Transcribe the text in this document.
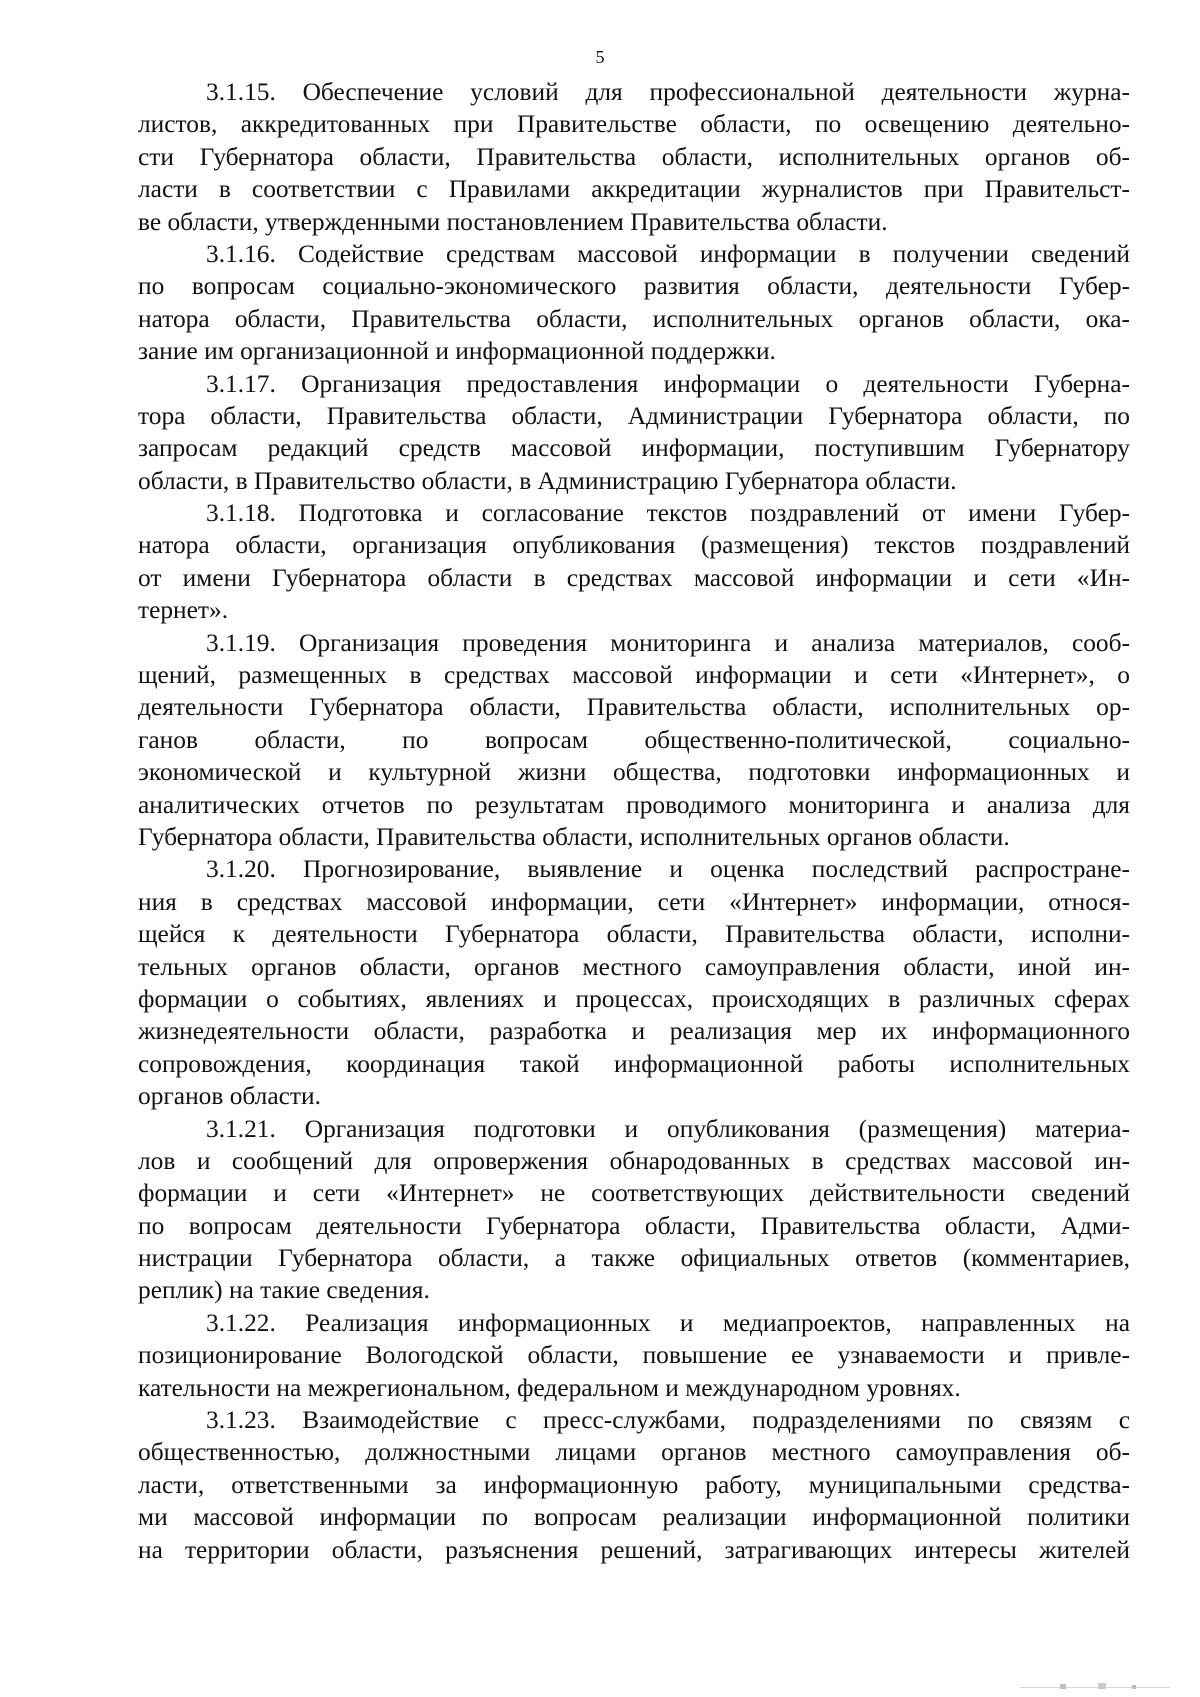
5
3.1.15. Обеспечение условий для профессиональной деятельности журна-
листов, аккредитованных при Правительстве области, по освещению деятельно-
сти Губернатора области, Правительства области, исполнительных органов об-
ласти в соответствии с Правилами аккредитации журналистов при Правительст-
ве области, утвержденными постановлением Правительства области.
3.1.16. Содействие средствам массовой информации в получении сведений
по вопросам социально-экономического развития области, деятельности Губер-
натора области, Правительства области, исполнительных органов области, ока-
зание им организационной и информационной поддержки.
3.1.17. Организация предоставления информации о деятельности Губерна-
тора области, Правительства области, Администрации Губернатора области, по
запросам редакций средств массовой информации, поступившим Губернатору
области, в Правительство области, в Администрацию Губернатора области.
3.1.18. Подготовка и согласование текстов поздравлений от имени Губер-
натора области, организация опубликования (размещения) текстов поздравлений
от имени Губернатора области в средствах массовой информации и сети «Ин-
тернет».
3.1.19. Организация проведения мониторинга и анализа материалов, сооб-
щений, размещенных в средствах массовой информации и сети «Интернет», о
деятельности Губернатора области, Правительства области, исполнительных ор-
ганов области, по вопросам общественно-политической, социально-
экономической и культурной жизни общества, подготовки информационных и
аналитических отчетов по результатам проводимого мониторинга и анализа для
Губернатора области, Правительства области, исполнительных органов области.
3.1.20. Прогнозирование, выявление и оценка последствий распростране-
ния в средствах массовой информации, сети «Интернет» информации, относя-
щейся к деятельности Губернатора области, Правительства области, исполни-
тельных органов области, органов местного самоуправления области, иной ин-
формации о событиях, явлениях и процессах, происходящих в различных сферах
жизнедеятельности области, разработка и реализация мер их информационного
сопровождения, координация такой информационной работы исполнительных
органов области.
3.1.21. Организация подготовки и опубликования (размещения) материа-
лов и сообщений для опровержения обнародованных в средствах массовой ин-
формации и сети «Интернет» не соответствующих действительности сведений
по вопросам деятельности Губернатора области, Правительства области, Адми-
нистрации Губернатора области, а также официальных ответов (комментариев,
реплик) на такие сведения.
3.1.22. Реализация информационных и медиапроектов, направленных на
позиционирование Вологодской области, повышение ее узнаваемости и привле-
кательности на межрегиональном, федеральном и международном уровнях.
3.1.23. Взаимодействие с пресс-службами, подразделениями по связям с
общественностью, должностными лицами органов местного самоуправления об-
ласти, ответственными за информационную работу, муниципальными средства-
ми массовой информации по вопросам реализации информационной политики
на территории области, разъяснения решений, затрагивающих интересы жителей
